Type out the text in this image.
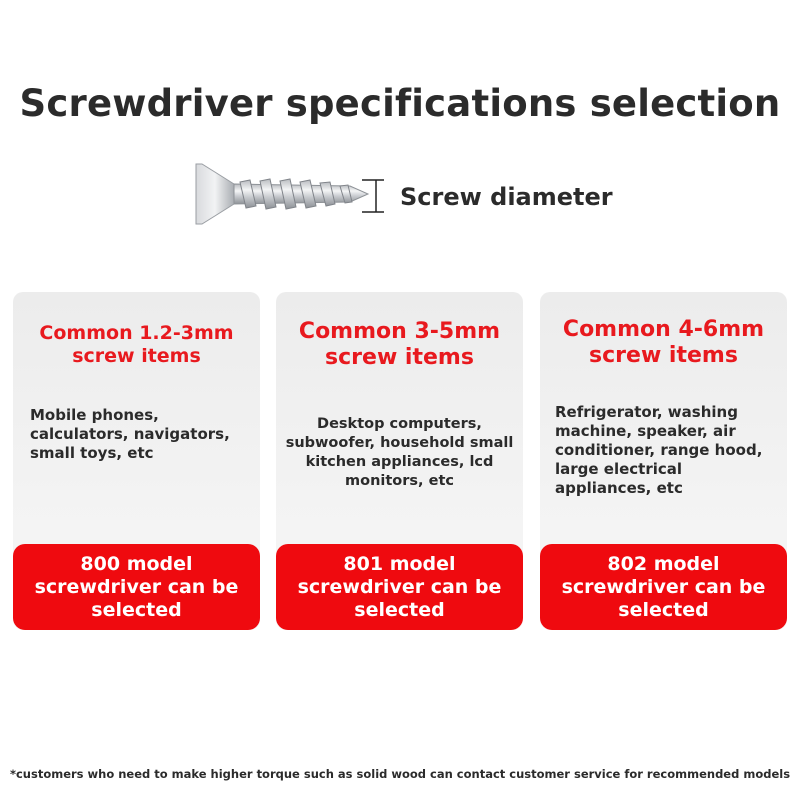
Screwdriver specifications selection
Screw diameter
Common 1.2-3mm screw items
Mobile phones, calculators, navigators, small toys, etc
800 model screwdriver can be selected
Common 3-5mm screw items
Desktop computers, subwoofer, household small kitchen appliances, lcd monitors, etc
801 model screwdriver can be selected
Common 4-6mm screw items
Refrigerator, washing machine, speaker, air conditioner, range hood, large electrical appliances, etc
802 model screwdriver can be selected
*customers who need to make higher torque such as solid wood can contact customer service for recommended models
